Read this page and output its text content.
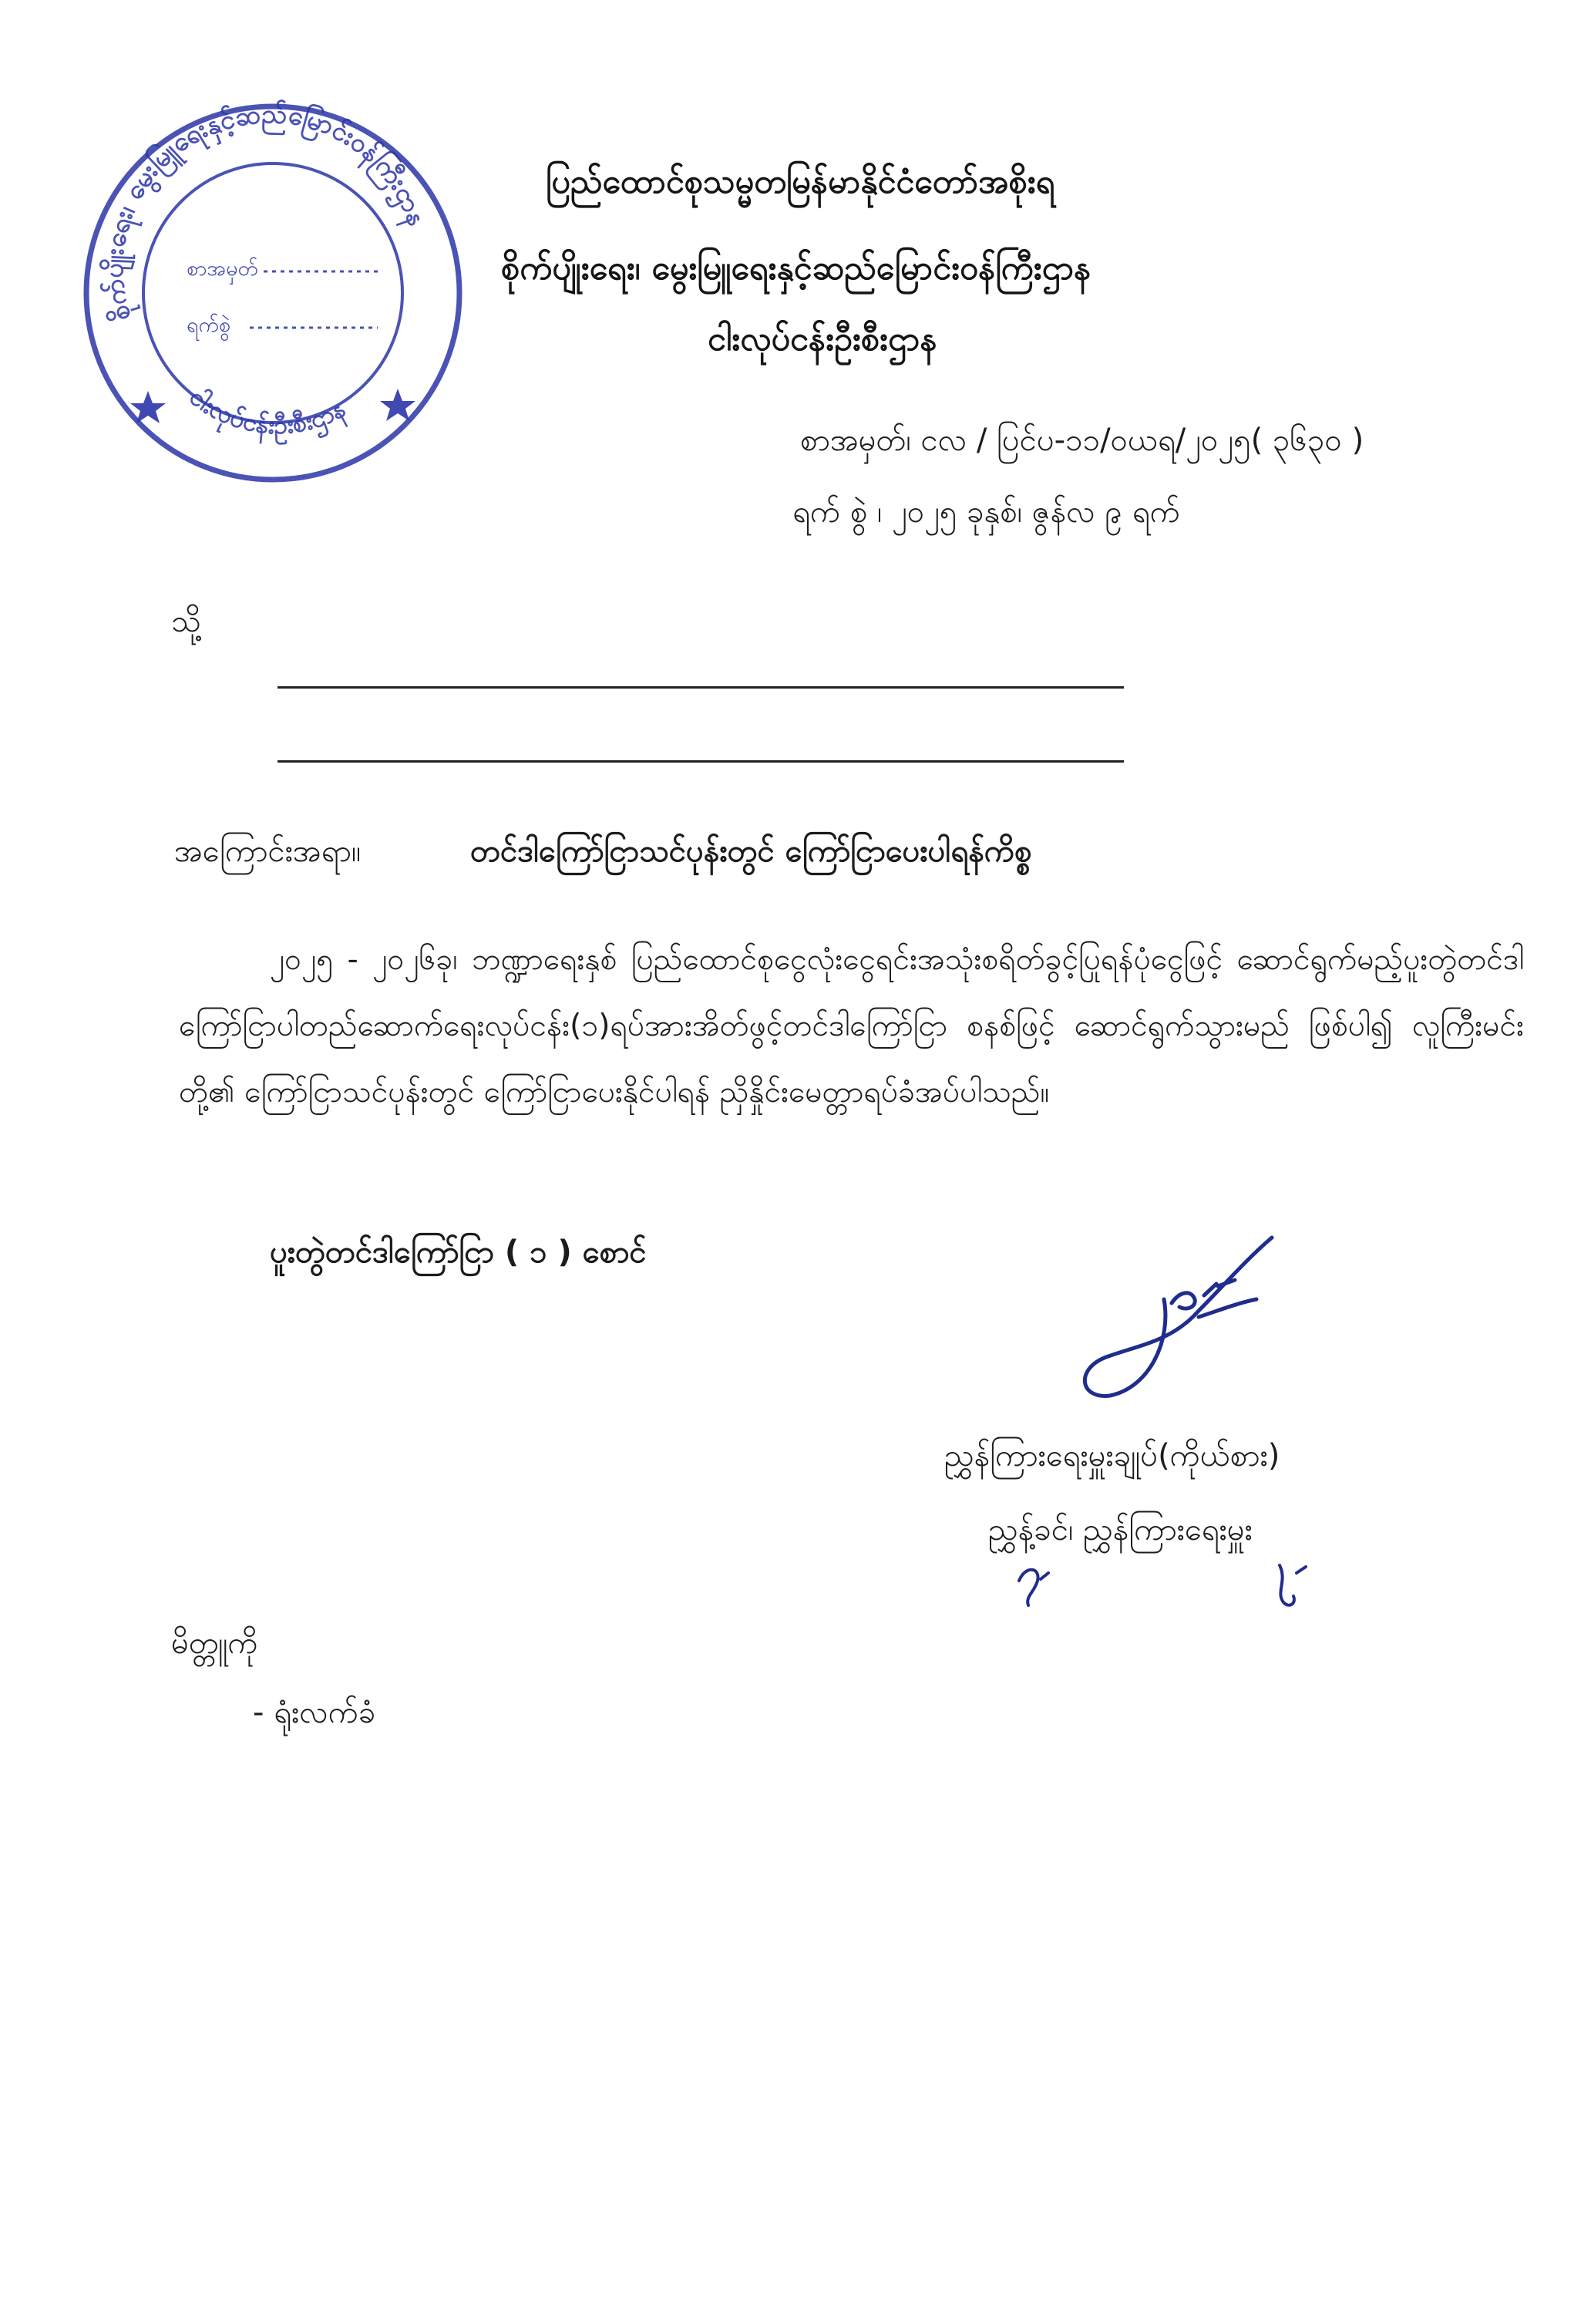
စိုက်ပျိုးရေး၊ မွေးမြူရေးနှင့်ဆည်မြောင်းဝန်ကြီးဌာန
ငါးလုပ်ငန်းဦးစီးဌာန
စာအမှတ်
ရက်စွဲ
ပြည်ထောင်စုသမ္မတမြန်မာနိုင်ငံတော်အစိုးရ
စိုက်ပျိုးရေး၊ မွေးမြူရေးနှင့်ဆည်မြောင်းဝန်ကြီးဌာန
ငါးလုပ်ငန်းဦးစီးဌာန
စာအမှတ်၊ ငလ / ပြင်ပ-၁၁/ဝယရ/၂၀၂၅( ၃၆၃၀ )
ရက် စွဲ ၊ ၂၀၂၅ ခုနှစ်၊ ဇွန်လ ၉ ရက်
သို့
အကြောင်းအရာ။	တင်ဒါကြော်ငြာသင်ပုန်းတွင် ကြော်ငြာပေးပါရန်ကိစ္စ
၂၀၂၅ - ၂၀၂၆ခု၊ ဘဏ္ဍာရေးနှစ် ပြည်ထောင်စုငွေလုံးငွေရင်းအသုံးစရိတ်ခွင့်ပြုရန်ပုံငွေဖြင့် ဆောင်ရွက်မည့်ပူးတွဲတင်ဒါကြော်ငြာပါတည်ဆောက်ရေးလုပ်ငန်း(၁)ရပ်အားအိတ်ဖွင့်တင်ဒါကြော်ငြာ စနစ်ဖြင့် ဆောင်ရွက်သွားမည် ဖြစ်ပါ၍ လူကြီးမင်းတို့၏ ကြော်ငြာသင်ပုန်းတွင် ကြော်ငြာပေးနိုင်ပါရန် ညှိနှိုင်းမေတ္တာရပ်ခံအပ်ပါသည်။
ပူးတွဲတင်ဒါကြော်ငြာ ( ၁ ) စောင်
ညွှန်ကြားရေးမှူးချုပ်(ကိုယ်စား)
ညွှန့်ခင်၊ ညွှန်ကြားရေးမှူး
မိတ္တူကို
- ရုံးလက်ခံ
